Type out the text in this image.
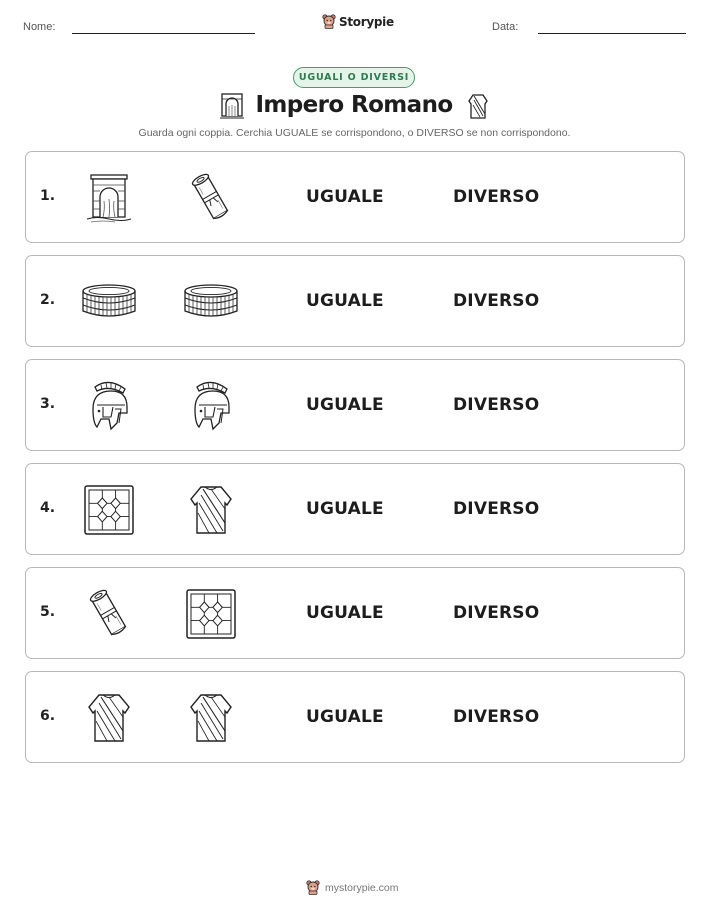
Nome:	Storypie	Data:
UGUALI O DIVERSI
Impero Romano
Guarda ogni coppia. Cerchia UGUALE se corrispondono, o DIVERSO se non corrispondono.
1.	UGUALE	DIVERSO
2.	UGUALE	DIVERSO
3.	UGUALE	DIVERSO
4.	UGUALE	DIVERSO
5.	UGUALE	DIVERSO
6.	UGUALE	DIVERSO
mystorypie.com
